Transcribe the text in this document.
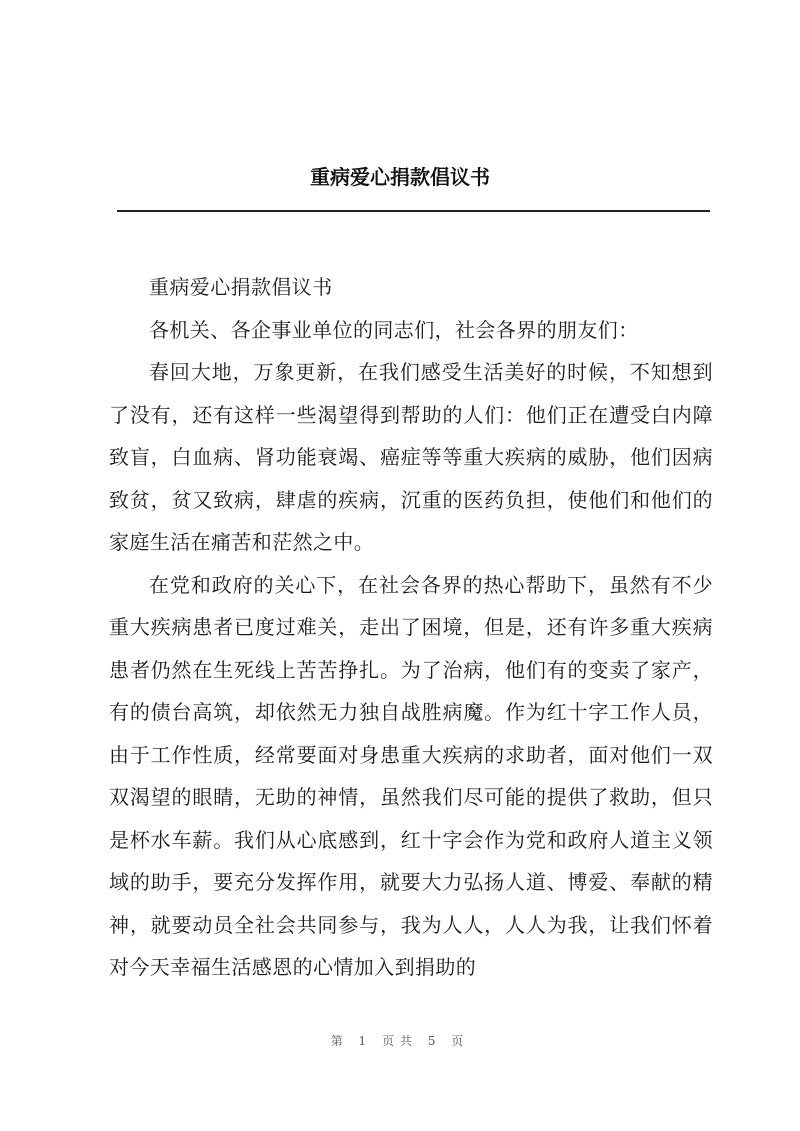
重病爱心捐款倡议书

重病爱心捐款倡议书

各机关、各企事业单位的同志们，社会各界的朋友们：

春回大地，万象更新，在我们感受生活美好的时候，不知想到了没有，还有这样一些渴望得到帮助的人们：他们正在遭受白内障致盲，白血病、肾功能衰竭、癌症等等重大疾病的威胁，他们因病致贫，贫又致病，肆虐的疾病，沉重的医药负担，使他们和他们的家庭生活在痛苦和茫然之中。

在党和政府的关心下，在社会各界的热心帮助下，虽然有不少重大疾病患者已度过难关，走出了困境，但是，还有许多重大疾病患者仍然在生死线上苦苦挣扎。为了治病，他们有的变卖了家产，有的债台高筑，却依然无力独自战胜病魔。作为红十字工作人员，由于工作性质，经常要面对身患重大疾病的求助者，面对他们一双双渴望的眼睛，无助的神情，虽然我们尽可能的提供了救助，但只是杯水车薪。我们从心底感到，红十字会作为党和政府人道主义领域的助手，要充分发挥作用，就要大力弘扬人道、博爱、奉献的精神，就要动员全社会共同参与，我为人人，人人为我，让我们怀着对今天幸福生活感恩的心情加入到捐助的

第 1 页共 5 页
